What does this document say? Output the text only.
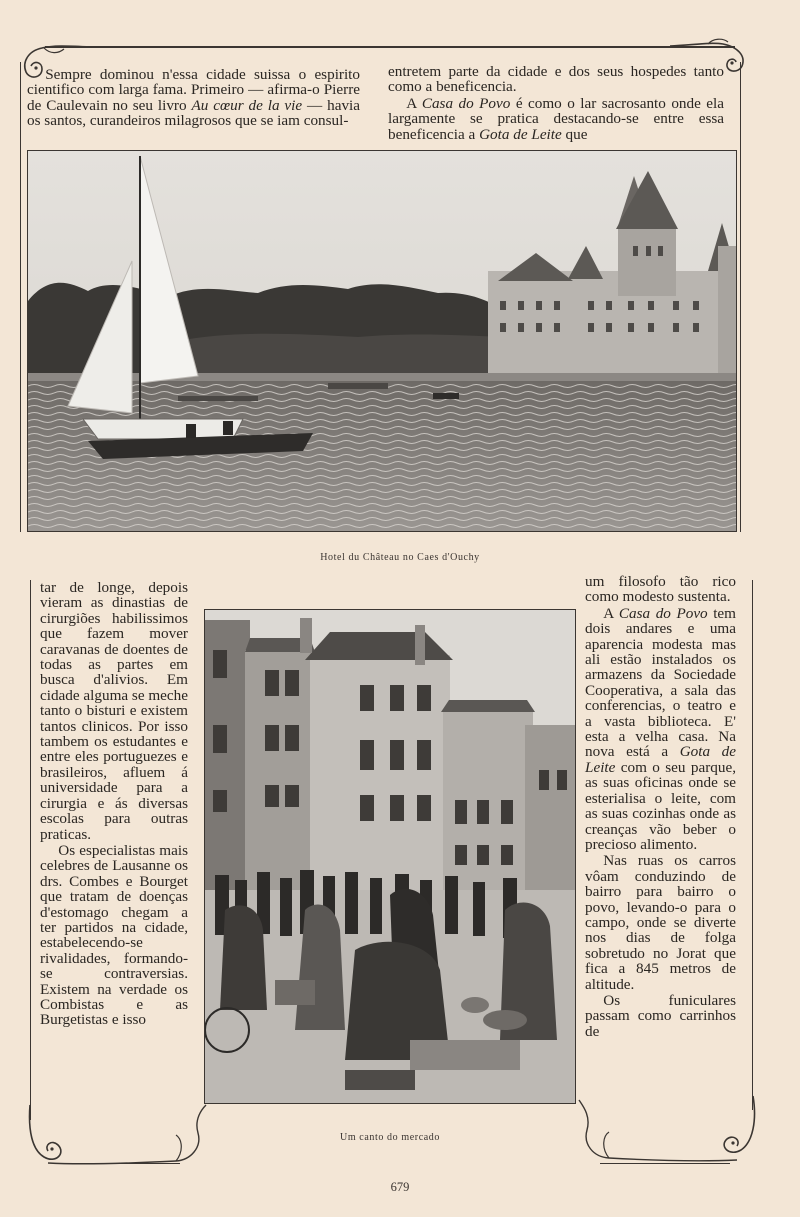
Sempre dominou n'essa cidade suissa o espirito cientifico com larga fama. Primeiro — afirma-o Pierre de Caulevain no seu livro Au cœur de la vie — havia os santos, curandeiros milagrosos que se iam consul-

entretem parte da cidade e dos seus hospedes tanto como a beneficencia.

A Casa do Povo é como o lar sacrosanto onde ela largamente se pratica destacando-se entre essa beneficencia a Gota de Leite que

Hotel du Château no Caes d'Ouchy

tar de longe, depois vieram as dinastias de cirurgiões habilissimos que fazem mover caravanas de doentes de todas as partes em busca d'alivios. Em cidade alguma se meche tanto o bisturi e existem tantos clinicos. Por isso tambem os estudantes e entre eles portuguezes e brasileiros, afluem á universidade para a cirurgia e ás diversas escolas para outras praticas.

Os especialistas mais celebres de Lausanne os drs. Combes e Bourget que tratam de doenças d'estomago chegam a ter partidos na cidade, estabelecendo-se rivalidades, formando-se contraversias. Existem na verdade os Combistas e as Burgetistas e isso

Um canto do mercado

um filosofo tão rico como modesto sustenta.

A Casa do Povo tem dois andares e uma aparencia modesta mas ali estão instalados os armazens da Sociedade Cooperativa, a sala das conferencias, o teatro e a vasta biblioteca. E' esta a velha casa. Na nova está a Gota de Leite com o seu parque, as suas oficinas onde se esterialisa o leite, com as suas cozinhas onde as creanças vão beber o precioso alimento.

Nas ruas os carros vôam conduzindo de bairro para bairro o povo, levando-o para o campo, onde se diverte nos dias de folga sobretudo no Jorat que fica a 845 metros de altitude.

Os funiculares passam como carrinhos de

679
